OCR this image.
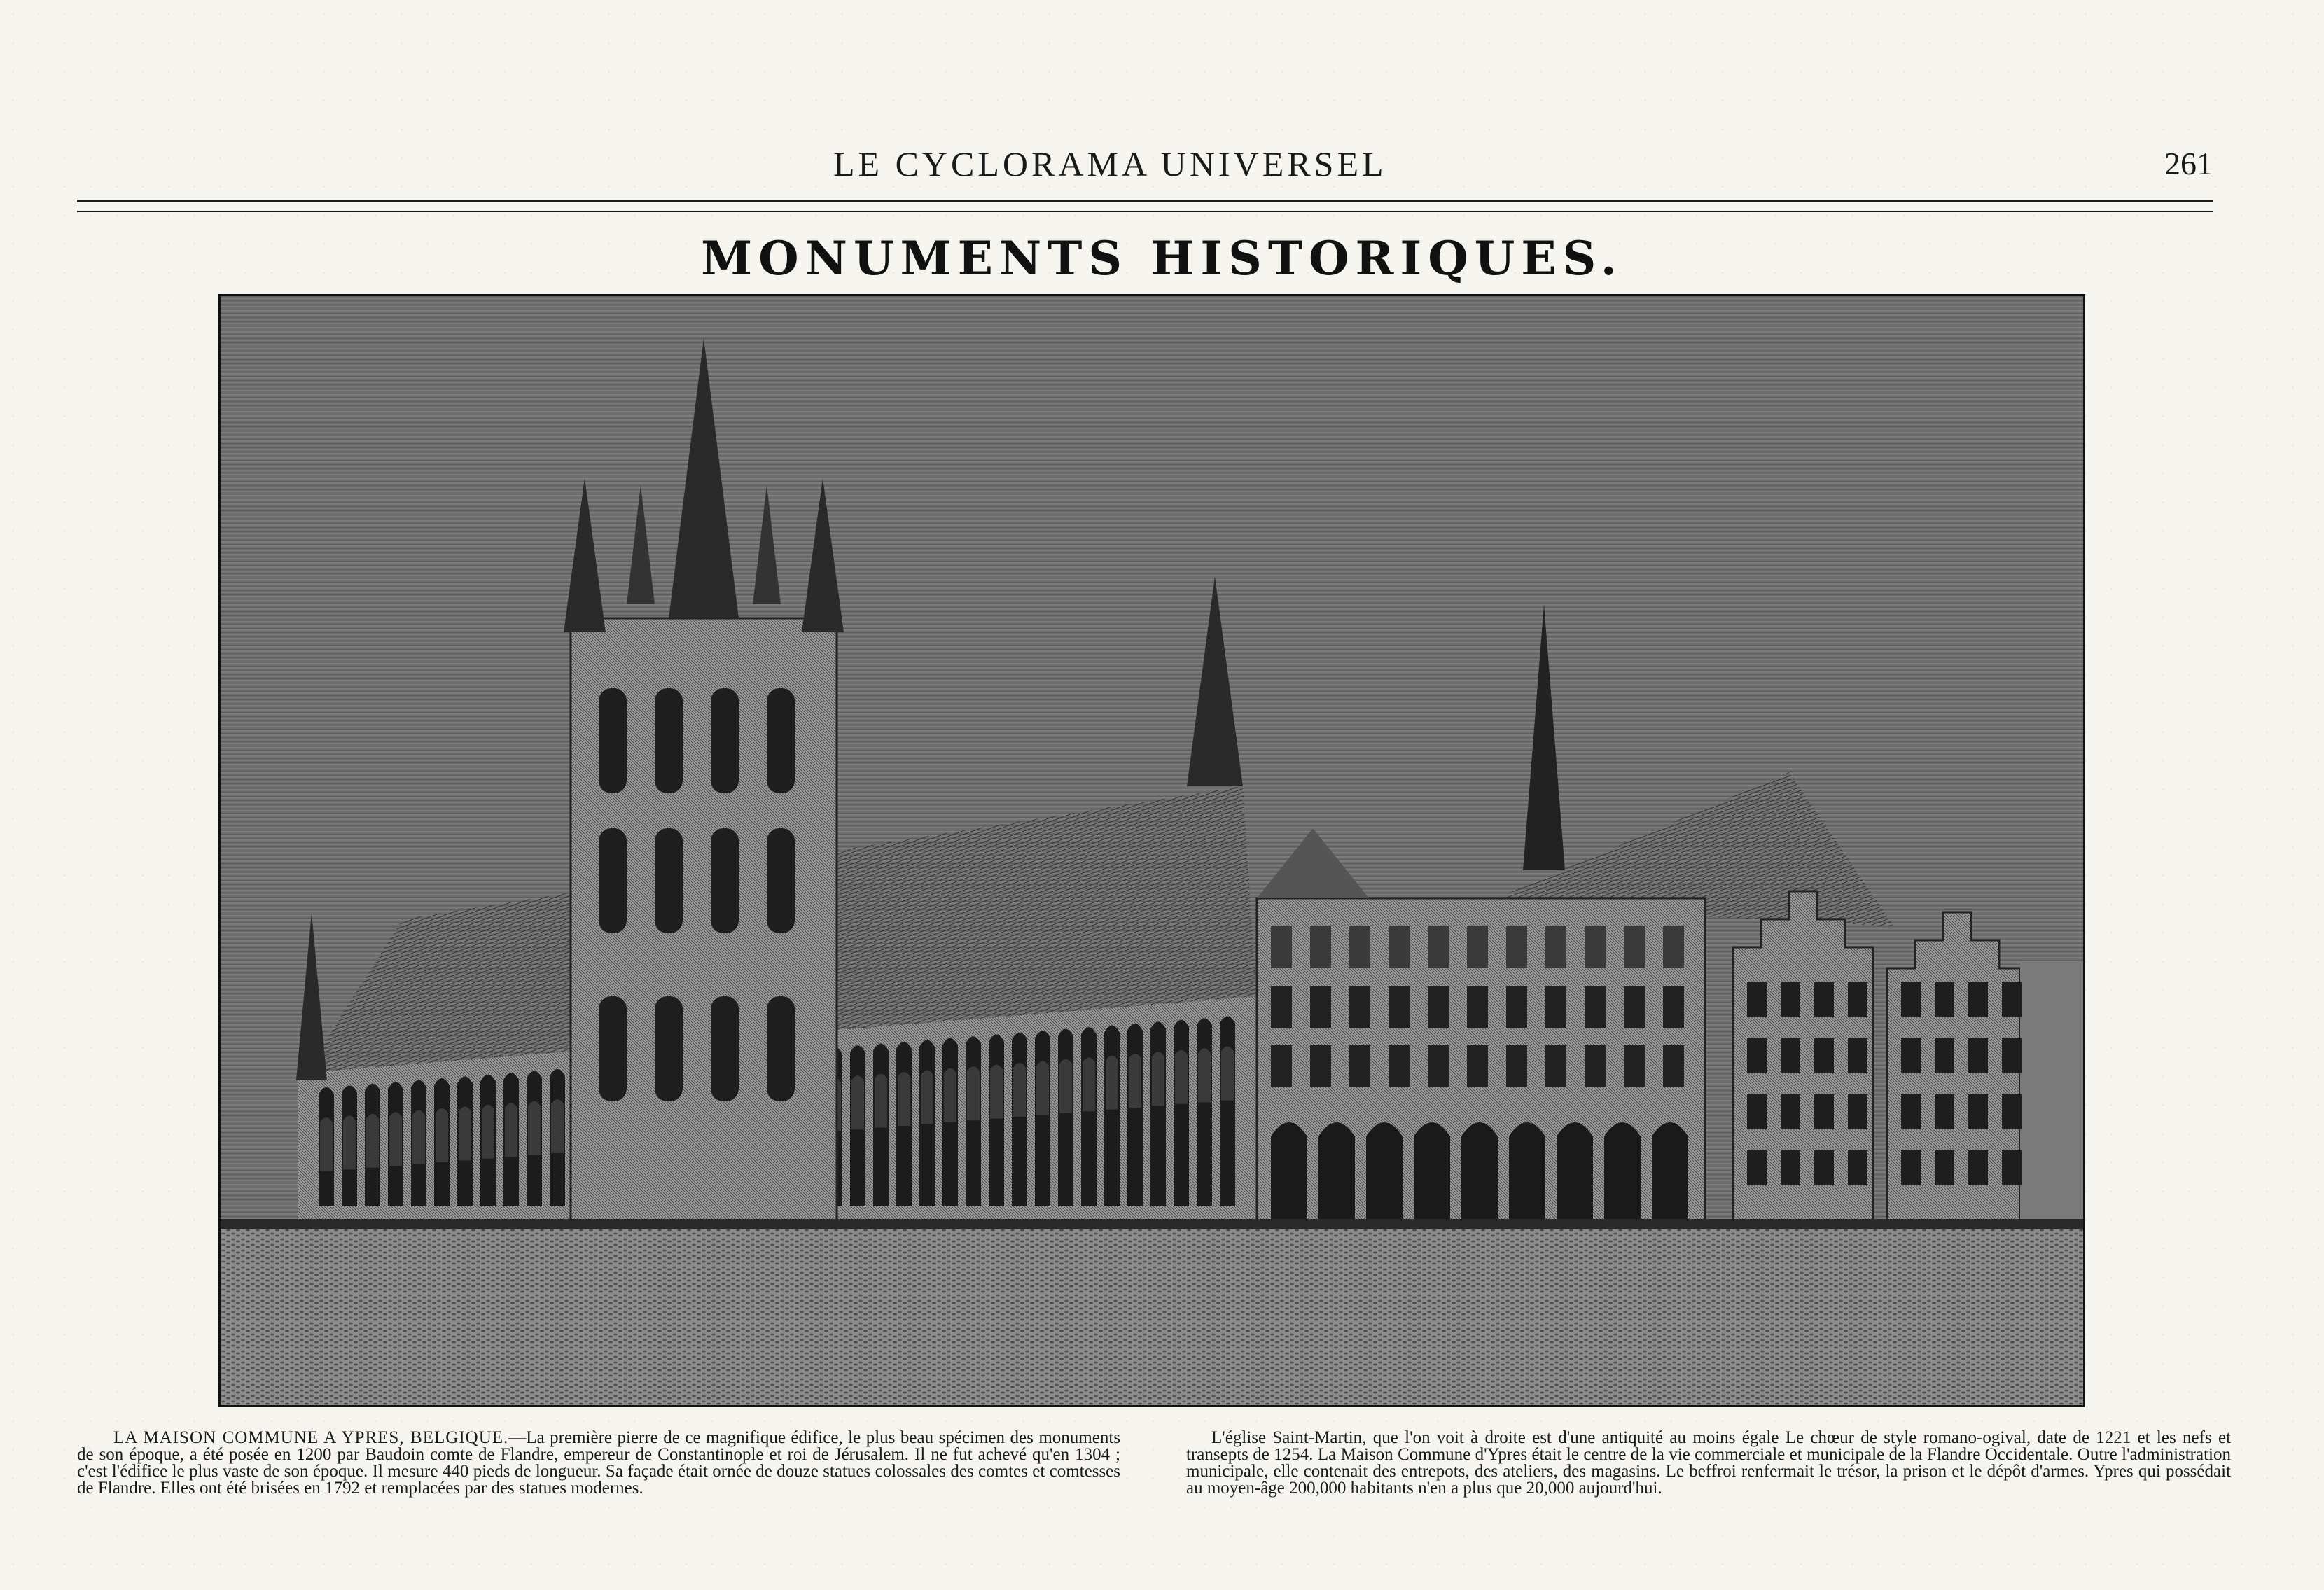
LE CYCLORAMA UNIVERSEL	261
MONUMENTS HISTORIQUES.
LA MAISON COMMUNE A YPRES, BELGIQUE.—La première pierre de ce magnifique édifice, le plus beau spécimen des monuments de son époque, a été posée en 1200 par Baudoin comte de Flandre, empereur de Constantinople et roi de Jérusalem. Il ne fut achevé qu'en 1304 ; c'est l'édifice le plus vaste de son époque. Il mesure 440 pieds de longueur. Sa façade était ornée de douze statues colossales des comtes et comtesses de Flandre. Elles ont été brisées en 1792 et remplacées par des statues modernes.
L'église Saint-Martin, que l'on voit à droite est d'une antiquité au moins égale Le chœur de style romano-ogival, date de 1221 et les nefs et transepts de 1254. La Maison Commune d'Ypres était le centre de la vie commerciale et municipale de la Flandre Occidentale. Outre l'administration municipale, elle contenait des entrepots, des ateliers, des magasins. Le beffroi renfermait le trésor, la prison et le dépôt d'armes. Ypres qui possédait au moyen-âge 200,000 habitants n'en a plus que 20,000 aujourd'hui.
